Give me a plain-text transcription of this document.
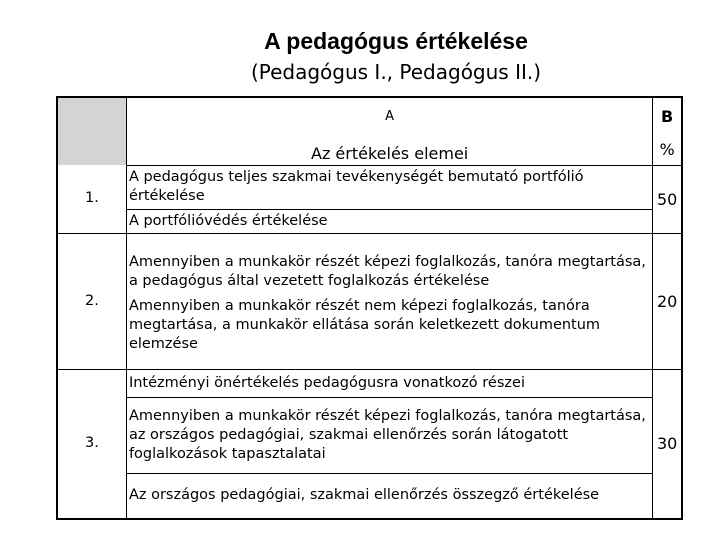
A pedagógus értékelése
(Pedagógus I., Pedagógus II.)
	A	B
	Az értékelés elemei	%
1.	A pedagógus teljes szakmai tevékenységét bemutató portfólió értékelése	50
	A portfólióvédés értékelése	
2.	Amennyiben a munkakör részét képezi foglalkozás, tanóra megtartása, a pedagógus által vezetett foglalkozás értékelése	20
	Amennyiben a munkakör részét nem képezi foglalkozás, tanóra megtartása, a munkakör ellátása során keletkezett dokumentum elemzése	
3.	Intézményi önértékelés pedagógusra vonatkozó részei	30
	Amennyiben a munkakör részét képezi foglalkozás, tanóra megtartása, az országos pedagógiai, szakmai ellenőrzés során látogatott foglalkozások tapasztalatai	
	Az országos pedagógiai, szakmai ellenőrzés összegző értékelése	
